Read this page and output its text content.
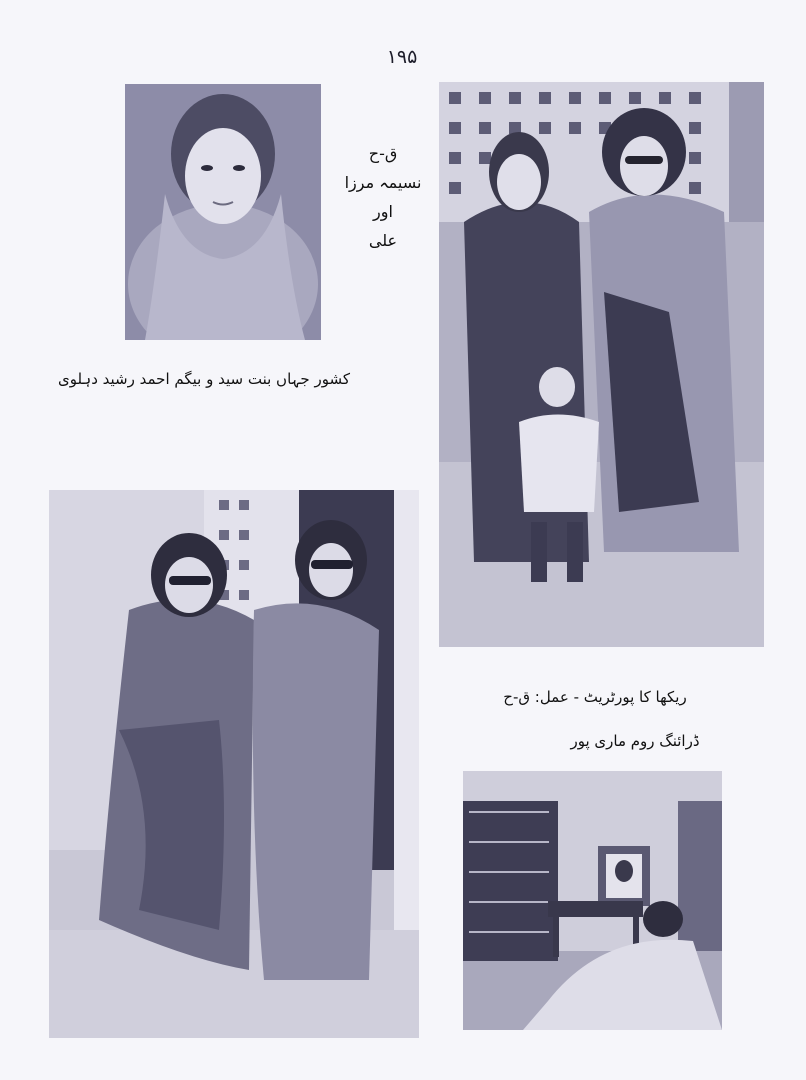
۱۹۵
ق-ح
نسیمہ مرزا
اور
علی
کشور جہاں بنت سید و بیگم احمد رشید دہلوی
ریکھا کا پورٹریٹ - عمل: ق-ح
ڈرائنگ روم ماری پور
